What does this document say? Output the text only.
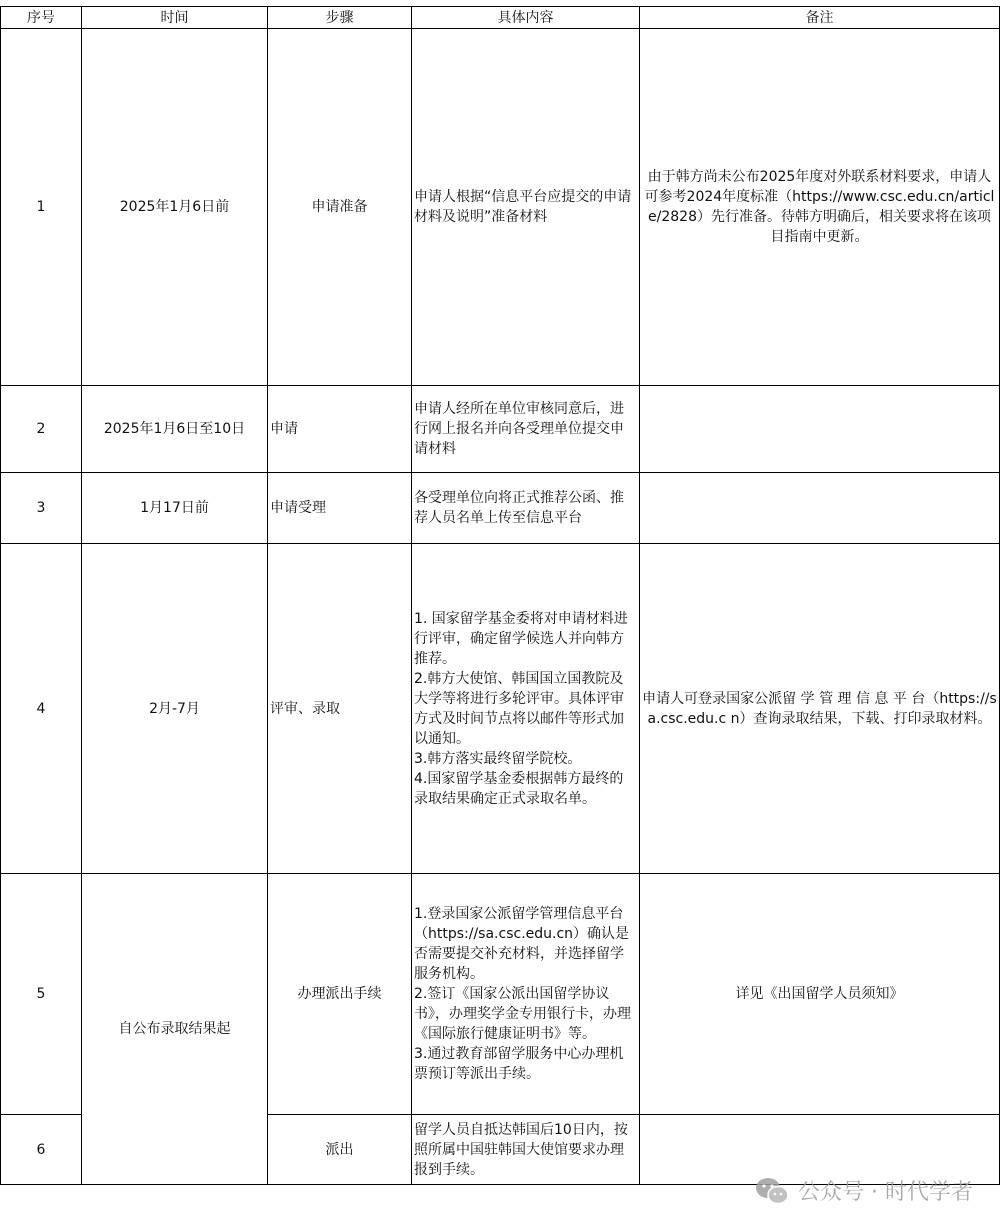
序号	时间	步骤	具体内容	备注
1	2025年1月6日前	申请准备	申请人根据“信息平台应提交的申请材料及说明”准备材料	由于韩方尚未公布2025年度对外联系材料要求，申请人可参考2024年度标准（https://www.csc.edu.cn/article/2828）先行准备。待韩方明确后，相关要求将在该项目指南中更新。
2	2025年1月6日至10日	申请	申请人经所在单位审核同意后，进行网上报名并向各受理单位提交申请材料	
3	1月17日前	申请受理	各受理单位向将正式推荐公函、推荐人员名单上传至信息平台	
4	2月-7月	评审、录取	1. 国家留学基金委将对申请材料进行评审，确定留学候选人并向韩方推荐。
2.韩方大使馆、韩国国立国教院及大学等将进行多轮评审。具体评审方式及时间节点将以邮件等形式加以通知。
3.韩方落实最终留学院校。
4.国家留学基金委根据韩方最终的录取结果确定正式录取名单。	申请人可登录国家公派留 学 管 理 信 息 平 台（https://sa.csc.edu.c n）查询录取结果，下载、打印录取材料。
5	自公布录取结果起	办理派出手续	1.登录国家公派留学管理信息平台（https://sa.csc.edu.cn）确认是否需要提交补充材料，并选择留学服务机构。
2.签订《国家公派出国留学协议书》，办理奖学金专用银行卡，办理《国际旅行健康证明书》等。
3.通过教育部留学服务中心办理机票预订等派出手续。	详见《出国留学人员须知》
6		派出	留学人员自抵达韩国后10日内，按照所属中国驻韩国大使馆要求办理报到手续。	
公众号 · 时代学者
